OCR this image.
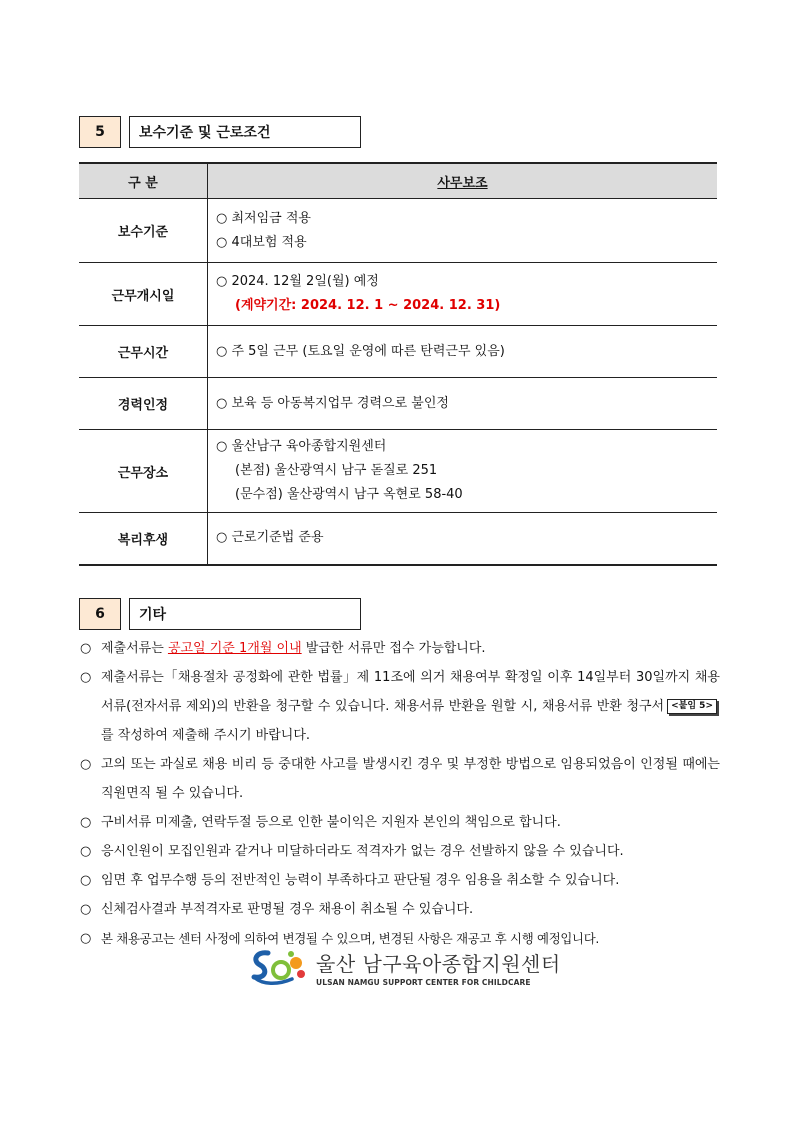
5	보수기준 및 근로조건
구 분	사무보조
보수기준	○ 최저임금 적용
○ 4대보험 적용

근무개시일	○ 2024. 12월 2일(월) 예정
(계약기간: 2024. 12. 1 ~ 2024. 12. 31)

근무시간	○ 주 5일 근무 (토요일 운영에 따른 탄력근무 있음)

경력인정	○ 보육 등 아동복지업무 경력으로 불인정

근무장소	○ 울산남구 육아종합지원센터
(본점) 울산광역시 남구 돋질로 251
(문수점) 울산광역시 남구 옥현로 58-40

복리후생	○ 근로기준법 준용
6	기타
○ 제출서류는 공고일 기준 1개월 이내 발급한 서류만 접수 가능합니다.
○ 제출서류는「채용절차 공정화에 관한 법률」제 11조에 의거 채용여부 확정일 이후 14일부터 30일까지 채용서류(전자서류 제외)의 반환을 청구할 수 있습니다. 채용서류 반환을 원할 시, 채용서류 반환 청구서 <붙임 5>를 작성하여 제출해 주시기 바랍니다.
○ 고의 또는 과실로 채용 비리 등 중대한 사고를 발생시킨 경우 및 부정한 방법으로 임용되었음이 인정될 때에는 직원면직 될 수 있습니다.
○ 구비서류 미제출, 연락두절 등으로 인한 불이익은 지원자 본인의 책임으로 합니다.
○ 응시인원이 모집인원과 같거나 미달하더라도 적격자가 없는 경우 선발하지 않을 수 있습니다.
○ 임면 후 업무수행 등의 전반적인 능력이 부족하다고 판단될 경우 임용을 취소할 수 있습니다.
○ 신체검사결과 부적격자로 판명될 경우 채용이 취소될 수 있습니다.
○ 본 채용공고는 센터 사정에 의하여 변경될 수 있으며, 변경된 사항은 재공고 후 시행 예정입니다.
울산 남구육아종합지원센터
ULSAN NAMGU SUPPORT CENTER FOR CHILDCARE
